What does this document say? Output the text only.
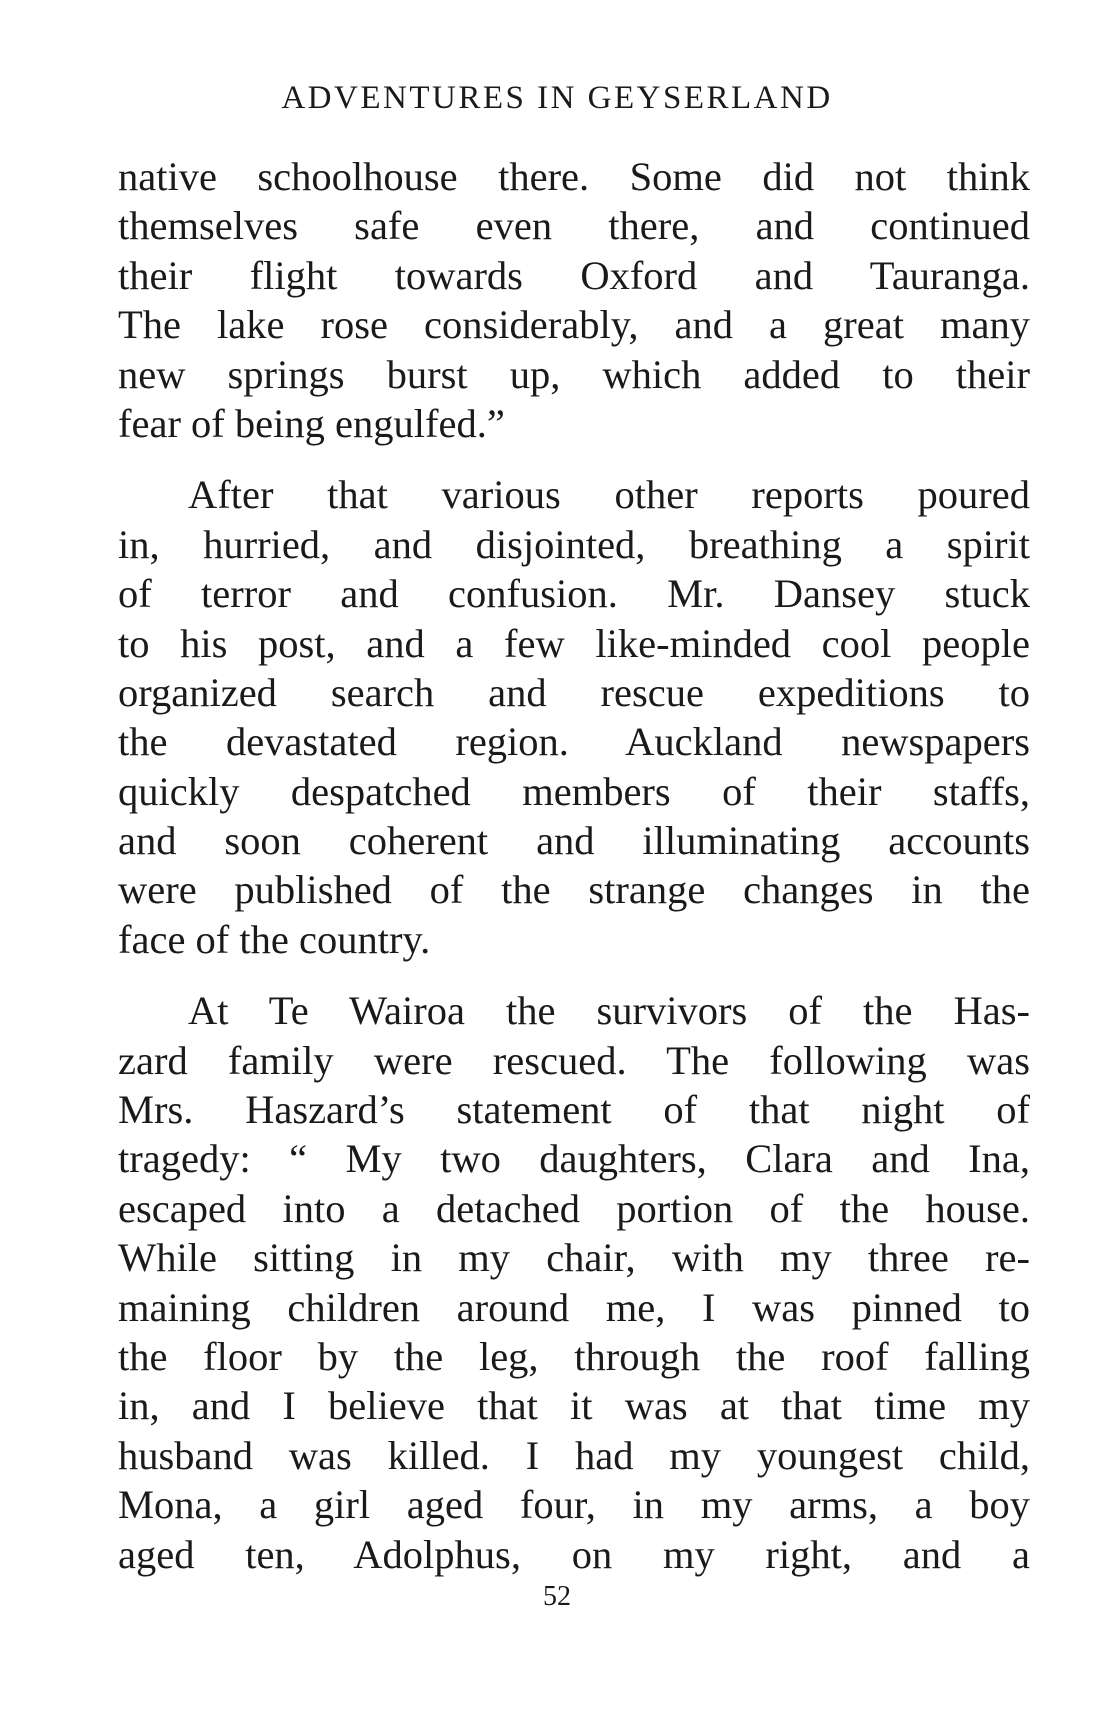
ADVENTURES IN GEYSERLAND
native schoolhouse there. Some did not think
themselves safe even there, and continued
their flight towards Oxford and Tauranga.
The lake rose considerably, and a great many
new springs burst up, which added to their
fear of being engulfed.”
After that various other reports poured
in, hurried, and disjointed, breathing a spirit
of terror and confusion. Mr. Dansey stuck
to his post, and a few like-minded cool people
organized search and rescue expeditions to
the devastated region. Auckland newspapers
quickly despatched members of their staffs,
and soon coherent and illuminating accounts
were published of the strange changes in the
face of the country.
At Te Wairoa the survivors of the Has-
zard family were rescued. The following was
Mrs. Haszard’s statement of that night of
tragedy: “ My two daughters, Clara and Ina,
escaped into a detached portion of the house.
While sitting in my chair, with my three re-
maining children around me, I was pinned to
the floor by the leg, through the roof falling
in, and I believe that it was at that time my
husband was killed. I had my youngest child,
Mona, a girl aged four, in my arms, a boy
aged ten, Adolphus, on my right, and a
52
